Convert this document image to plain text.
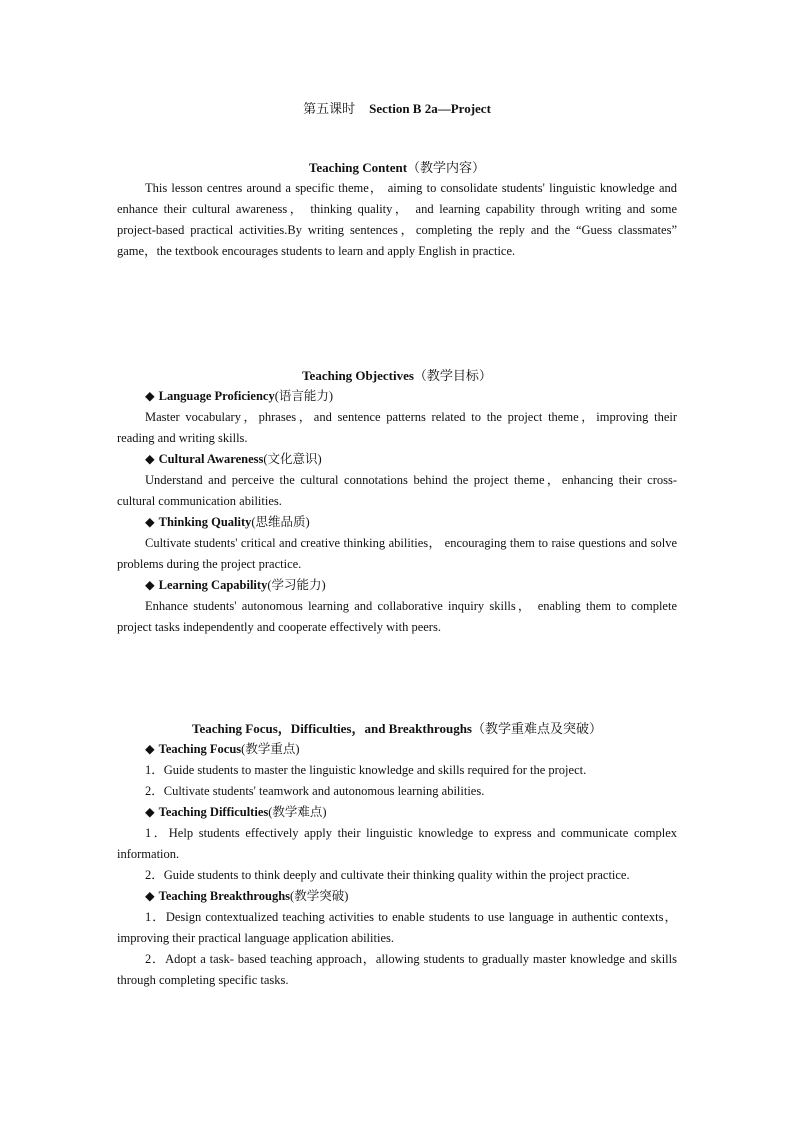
第五课时 Section B 2a—Project
Teaching Content（教学内容）

This lesson centres around a specific theme， aiming to consolidate students' linguistic knowledge and enhance their cultural awareness， thinking quality， and learning capability through writing and some project-based practical activities.By writing sentences，completing the reply and the “Guess classmates” game，the textbook encourages students to learn and apply English in practice.

Teaching Objectives（教学目标）

◆ Language Proficiency(语言能力)

Master vocabulary，phrases，and sentence patterns related to the project theme，improving their reading and writing skills.

◆ Cultural Awareness(文化意识)

Understand and perceive the cultural connotations behind the project theme，enhancing their cross- cultural communication abilities.

◆ Thinking Quality(思维品质)

Cultivate students' critical and creative thinking abilities， encouraging them to raise questions and solve problems during the project practice.

◆ Learning Capability(学习能力)

Enhance students' autonomous learning and collaborative inquiry skills， enabling them to complete project tasks independently and cooperate effectively with peers.

Teaching Focus，Difficulties，and Breakthroughs（教学重难点及突破）

◆ Teaching Focus(教学重点)

1．Guide students to master the linguistic knowledge and skills required for the project.

2．Cultivate students' teamwork and autonomous learning abilities.

◆ Teaching Difficulties(教学难点)

1．Help students effectively apply their linguistic knowledge to express and communicate complex information.

2．Guide students to think deeply and cultivate their thinking quality within the project practice.

◆ Teaching Breakthroughs(教学突破)

1．Design contextualized teaching activities to enable students to use language in authentic contexts，improving their practical language application abilities.

2．Adopt a task- based teaching approach，allowing students to gradually master knowledge and skills through completing specific tasks.
